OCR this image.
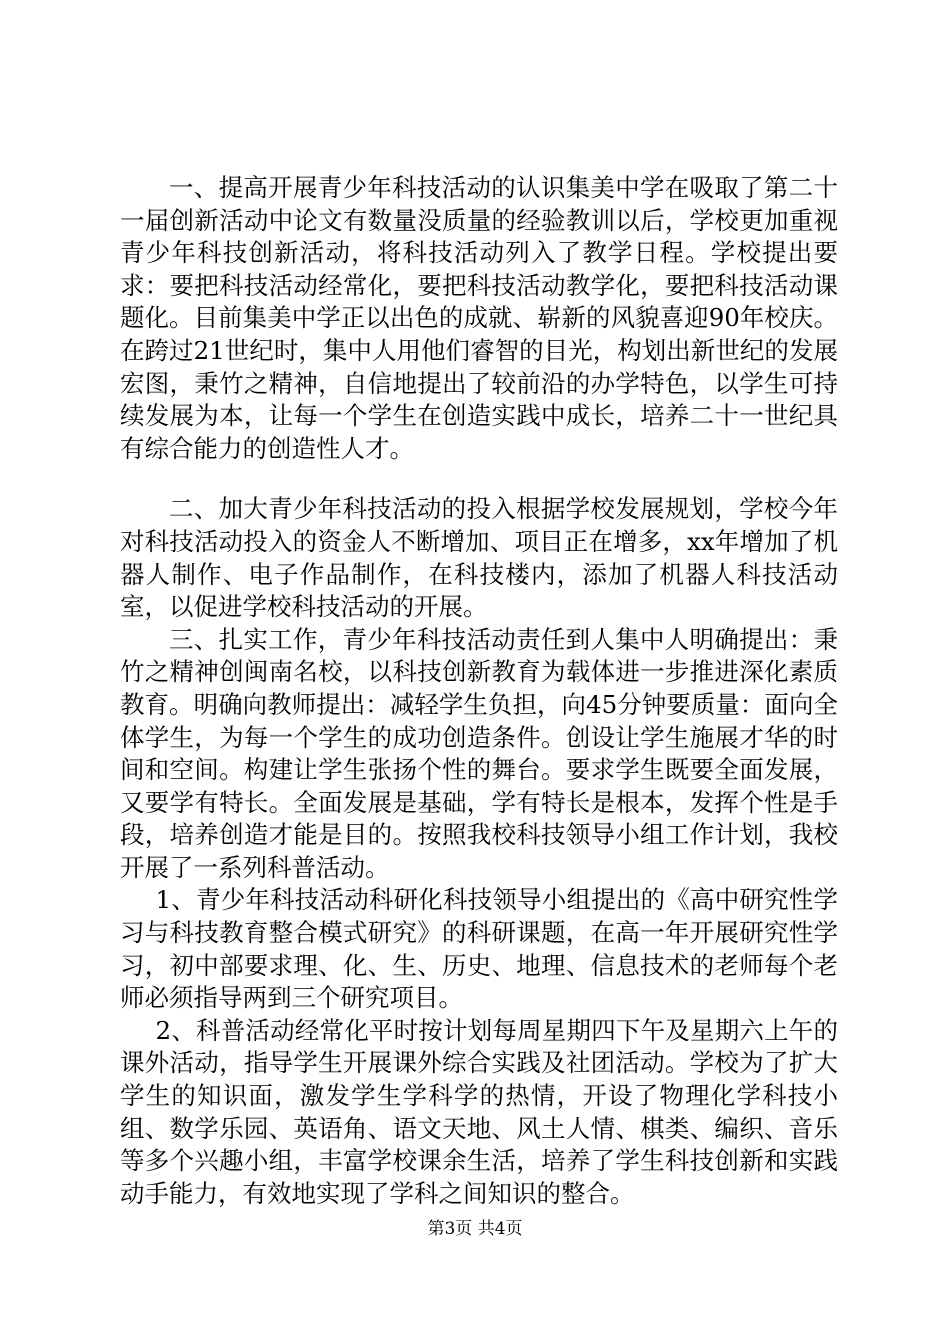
一、提高开展青少年科技活动的认识集美中学在吸取了第二十一届创新活动中论文有数量没质量的经验教训以后，学校更加重视青少年科技创新活动，将科技活动列入了教学日程。学校提出要求：要把科技活动经常化，要把科技活动教学化，要把科技活动课题化。目前集美中学正以出色的成就、崭新的风貌喜迎90年校庆。在跨过21世纪时，集中人用他们睿智的目光，构划出新世纪的发展宏图，秉竹之精神，自信地提出了较前沿的办学特色，以学生可持续发展为本，让每一个学生在创造实践中成长，培养二十一世纪具有综合能力的创造性人才。

二、加大青少年科技活动的投入根据学校发展规划，学校今年对科技活动投入的资金人不断增加、项目正在增多，xx年增加了机器人制作、电子作品制作，在科技楼内，添加了机器人科技活动室，以促进学校科技活动的开展。

三、扎实工作，青少年科技活动责任到人集中人明确提出：秉竹之精神创闽南名校，以科技创新教育为载体进一步推进深化素质教育。明确向教师提出：减轻学生负担，向45分钟要质量：面向全体学生，为每一个学生的成功创造条件。创设让学生施展才华的时间和空间。构建让学生张扬个性的舞台。要求学生既要全面发展，又要学有特长。全面发展是基础，学有特长是根本，发挥个性是手段，培养创造才能是目的。按照我校科技领导小组工作计划，我校开展了一系列科普活动。

1、青少年科技活动科研化科技领导小组提出的《高中研究性学习与科技教育整合模式研究》的科研课题，在高一年开展研究性学习，初中部要求理、化、生、历史、地理、信息技术的老师每个老师必须指导两到三个研究项目。

2、科普活动经常化平时按计划每周星期四下午及星期六上午的课外活动，指导学生开展课外综合实践及社团活动。学校为了扩大学生的知识面，激发学生学科学的热情，开设了物理化学科技小组、数学乐园、英语角、语文天地、风土人情、棋类、编织、音乐等多个兴趣小组，丰富学校课余生活，培养了学生科技创新和实践动手能力，有效地实现了学科之间知识的整合。

第3页 共4页
